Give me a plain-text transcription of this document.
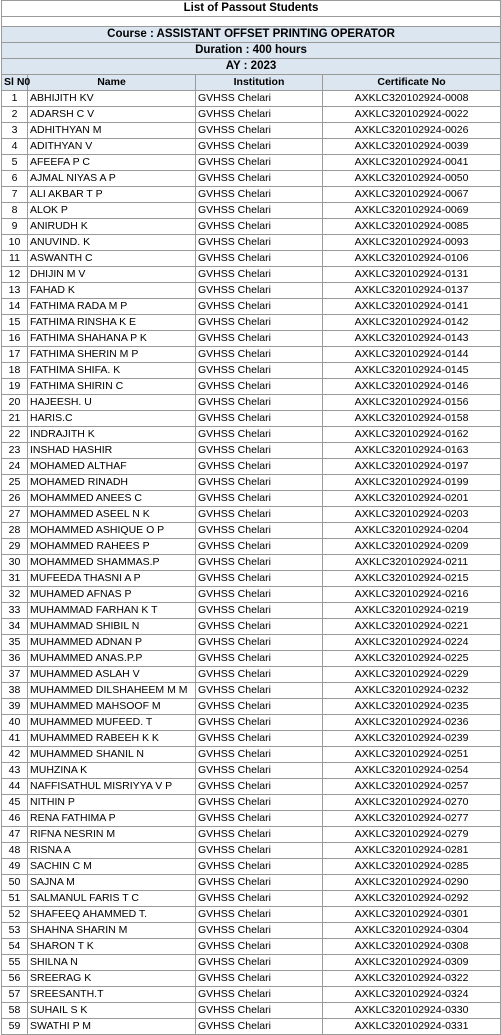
List of Passout Students			

Course : ASSISTANT OFFSET PRINTING OPERATOR			
Duration : 400 hours			
AY : 2023			
Sl N0	Name	Institution	Certificate No
1	ABHIJITH KV	GVHSS Chelari	AXKLC320102924-0008
2	ADARSH C V	GVHSS Chelari	AXKLC320102924-0022
3	ADHITHYAN M	GVHSS Chelari	AXKLC320102924-0026
4	ADITHYAN V	GVHSS Chelari	AXKLC320102924-0039
5	AFEEFA P C	GVHSS Chelari	AXKLC320102924-0041
6	AJMAL NIYAS A P	GVHSS Chelari	AXKLC320102924-0050
7	ALI AKBAR T P	GVHSS Chelari	AXKLC320102924-0067
8	ALOK P	GVHSS Chelari	AXKLC320102924-0069
9	ANIRUDH K	GVHSS Chelari	AXKLC320102924-0085
10	ANUVIND. K	GVHSS Chelari	AXKLC320102924-0093
11	ASWANTH C	GVHSS Chelari	AXKLC320102924-0106
12	DHIJIN M V	GVHSS Chelari	AXKLC320102924-0131
13	FAHAD K	GVHSS Chelari	AXKLC320102924-0137
14	FATHIMA RADA M P	GVHSS Chelari	AXKLC320102924-0141
15	FATHIMA RINSHA K E	GVHSS Chelari	AXKLC320102924-0142
16	FATHIMA SHAHANA P K	GVHSS Chelari	AXKLC320102924-0143
17	FATHIMA SHERIN M P	GVHSS Chelari	AXKLC320102924-0144
18	FATHIMA SHIFA. K	GVHSS Chelari	AXKLC320102924-0145
19	FATHIMA SHIRIN C	GVHSS Chelari	AXKLC320102924-0146
20	HAJEESH. U	GVHSS Chelari	AXKLC320102924-0156
21	HARIS.C	GVHSS Chelari	AXKLC320102924-0158
22	INDRAJITH K	GVHSS Chelari	AXKLC320102924-0162
23	INSHAD HASHIR	GVHSS Chelari	AXKLC320102924-0163
24	MOHAMED ALTHAF	GVHSS Chelari	AXKLC320102924-0197
25	MOHAMED RINADH	GVHSS Chelari	AXKLC320102924-0199
26	MOHAMMED ANEES C	GVHSS Chelari	AXKLC320102924-0201
27	MOHAMMED ASEEL N K	GVHSS Chelari	AXKLC320102924-0203
28	MOHAMMED ASHIQUE O P	GVHSS Chelari	AXKLC320102924-0204
29	MOHAMMED RAHEES P	GVHSS Chelari	AXKLC320102924-0209
30	MOHAMMED SHAMMAS.P	GVHSS Chelari	AXKLC320102924-0211
31	MUFEEDA THASNI A P	GVHSS Chelari	AXKLC320102924-0215
32	MUHAMED AFNAS P	GVHSS Chelari	AXKLC320102924-0216
33	MUHAMMAD FARHAN K T	GVHSS Chelari	AXKLC320102924-0219
34	MUHAMMAD SHIBIL N	GVHSS Chelari	AXKLC320102924-0221
35	MUHAMMED ADNAN P	GVHSS Chelari	AXKLC320102924-0224
36	MUHAMMED ANAS.P.P	GVHSS Chelari	AXKLC320102924-0225
37	MUHAMMED ASLAH V	GVHSS Chelari	AXKLC320102924-0229
38	MUHAMMED DILSHAHEEM M M	GVHSS Chelari	AXKLC320102924-0232
39	MUHAMMED MAHSOOF M	GVHSS Chelari	AXKLC320102924-0235
40	MUHAMMED MUFEED. T	GVHSS Chelari	AXKLC320102924-0236
41	MUHAMMED RABEEH K K	GVHSS Chelari	AXKLC320102924-0239
42	MUHAMMED SHANIL N	GVHSS Chelari	AXKLC320102924-0251
43	MUHZINA K	GVHSS Chelari	AXKLC320102924-0254
44	NAFFISATHUL MISRIYYA V P	GVHSS Chelari	AXKLC320102924-0257
45	NITHIN P	GVHSS Chelari	AXKLC320102924-0270
46	RENA FATHIMA P	GVHSS Chelari	AXKLC320102924-0277
47	RIFNA NESRIN M	GVHSS Chelari	AXKLC320102924-0279
48	RISNA A	GVHSS Chelari	AXKLC320102924-0281
49	SACHIN C M	GVHSS Chelari	AXKLC320102924-0285
50	SAJNA M	GVHSS Chelari	AXKLC320102924-0290
51	SALMANUL FARIS T C	GVHSS Chelari	AXKLC320102924-0292
52	SHAFEEQ AHAMMED T.	GVHSS Chelari	AXKLC320102924-0301
53	SHAHNA SHARIN M	GVHSS Chelari	AXKLC320102924-0304
54	SHARON T K	GVHSS Chelari	AXKLC320102924-0308
55	SHILNA N	GVHSS Chelari	AXKLC320102924-0309
56	SREERAG K	GVHSS Chelari	AXKLC320102924-0322
57	SREESANTH.T	GVHSS Chelari	AXKLC320102924-0324
58	SUHAIL S K	GVHSS Chelari	AXKLC320102924-0330
59	SWATHI P M	GVHSS Chelari	AXKLC320102924-0331
